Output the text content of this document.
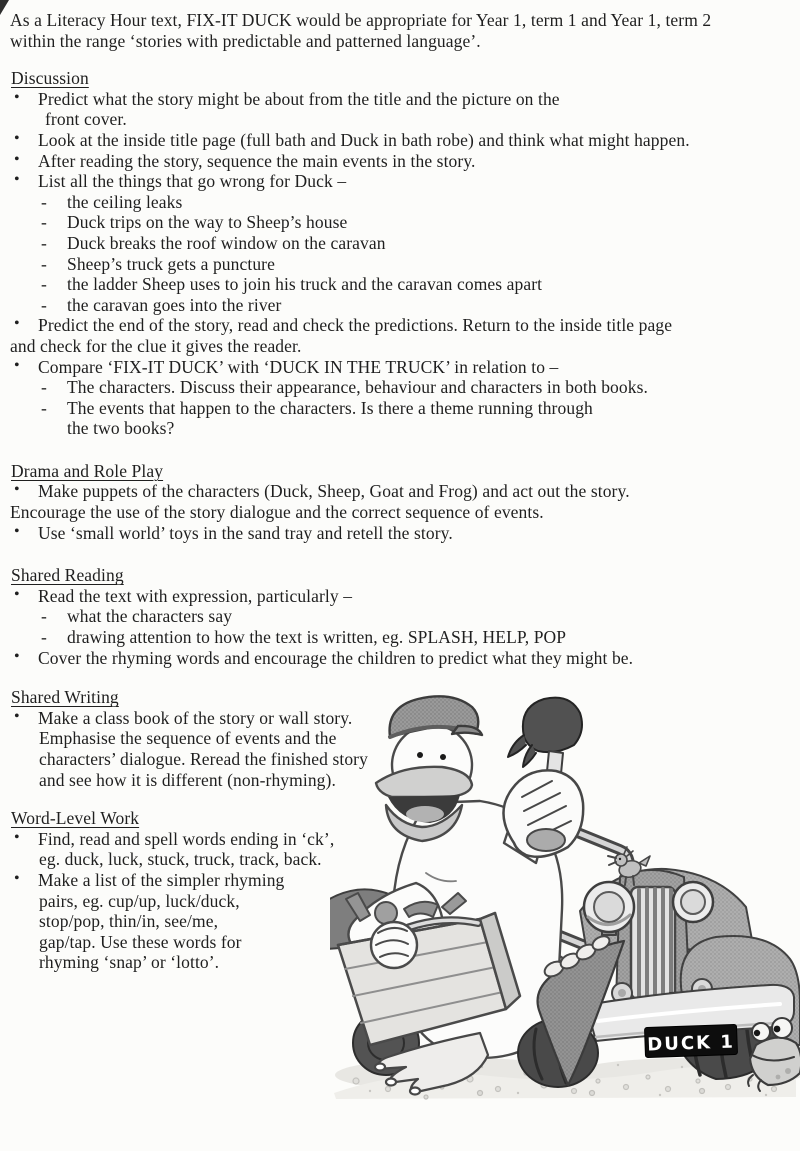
As a Literacy Hour text, FIX-IT DUCK would be appropriate for Year 1, term 1 and Year 1, term 2
within the range ‘stories with predictable and patterned language’.
Discussion
• Predict what the story might be about from the title and the picture on the
front cover.
• Look at the inside title page (full bath and Duck in bath robe) and think what might happen.
• After reading the story, sequence the main events in the story.
• List all the things that go wrong for Duck –
- the ceiling leaks
- Duck trips on the way to Sheep’s house
- Duck breaks the roof window on the caravan
- Sheep’s truck gets a puncture
- the ladder Sheep uses to join his truck and the caravan comes apart
- the caravan goes into the river
• Predict the end of the story, read and check the predictions. Return to the inside title page
and check for the clue it gives the reader.
• Compare ‘FIX-IT DUCK’ with ‘DUCK IN THE TRUCK’ in relation to –
- The characters. Discuss their appearance, behaviour and characters in both books.
- The events that happen to the characters. Is there a theme running through
the two books?
Drama and Role Play
• Make puppets of the characters (Duck, Sheep, Goat and Frog) and act out the story.
Encourage the use of the story dialogue and the correct sequence of events.
• Use ‘small world’ toys in the sand tray and retell the story.
Shared Reading
• Read the text with expression, particularly –
- what the characters say
- drawing attention to how the text is written, eg. SPLASH, HELP, POP
• Cover the rhyming words and encourage the children to predict what they might be.
Shared Writing
• Make a class book of the story or wall story.
Emphasise the sequence of events and the
characters’ dialogue. Reread the finished story
and see how it is different (non-rhyming).
Word-Level Work
• Find, read and spell words ending in ‘ck’,
eg. duck, luck, stuck, truck, track, back.
• Make a list of the simpler rhyming
pairs, eg. cup/up, luck/duck,
stop/pop, thin/in, see/me,
gap/tap. Use these words for
rhyming ‘snap’ or ‘lotto’.
DUCK 1
